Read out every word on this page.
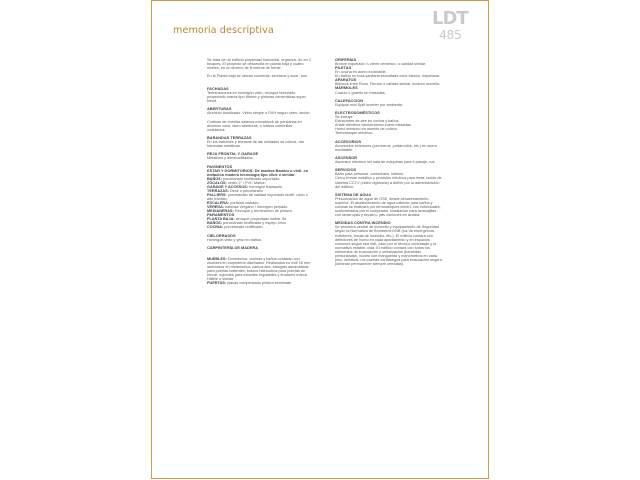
memoria descriptiva
LDT
485

Se trata de un edificio propiedad horizontal, organiza- do en 2 bloques. El proyecto se desarrolla en planta baja y cuatro niveles, en un terreno de 8 metros de frente.

En la Planta baja se ubican cocheras, servicios y acce- sos.

FACHADAS

Terminaciones en hormigón visto, revoque texturado proyectado marca tipo Weber y pinturas cementicias super blend.

ABERTURAS

Aluminio anodizado. Vidrio simple o DVH según orien- tación.

Cortinas de enrollar sistema monoblock de persianas en aluminio color, idem aberturas, o lobbos sombrillas ondulados.

BARANDAS TERRAZAS

En los balcones y terrazas de las unidades se coloca- rán barandas metálicas.

REJA FRONTAL Y GARAGE

Metálicos y almohadillados.

PAVIMENTOS
ESTAR Y DORMITORIOS: De madera Bambú o vinil- co imitación madera tecnología tipo click o similar.
BAÑOS: porcelanato rectificado importado.
ZÓCALOS: cedro 2" / PVC Marlon
GARAGE Y ACCESOS: hormigón fratasado.
TERRAZAS: Deck o porcelanato.
PALLIERS: porcelanato de calidad importado rectifi- cado o alto tránsito.
ESCALERA: porfland lustrado.
VEREDA: baldosa Vergano / hormigón peinado.
MEDIANERAS: Revoque y terminación de pintura.
PARAMENTOS
PLANTA BAJA: revoque proyectado weber 3d
BAÑOS: porcelanato rectificado y espejo 4mm
COCINA: porcelanato rectificado.
CIELORRASOS

Hormigón visto y yeso en baños.

CARPINTERÍA DE MADERA
MUEBLES: Dormitorios, cocinas y baños contarán con muebles en carpintería diseñados. Realizados en mdf 18 mm laminados en melamínico, cantos abs, bisagras automáticas para puertas batientes, brazos hidráulicos para puertas de elevar, soportes para estantes regulables y tiradores marca Häfele o similar.
PUERTAS: placas compensado pintura semimate.
GRIFERÍAS
Bronce niquelado ¼ cierre cerámico, o calidad similar.
PILETAS
En cocina en acero inoxidable.
En baños en loza sanitaria esmaltada color blanco, importada.
APARATOS
Blancos línea Roca, Ferrum o calidad similar, inodoro mochila.
MÁRMOLES

Cuarzo o granito en mesadas.

CALEFACCION

Equipos mini Split inverter por ambiente.

ELECTRODOMÉSTICOS
Se incluye:
Extractores de aire en cocina y baños.
Anafe eléctrico vitrocerámico sobre mesadas.
Horno eléctrico en mueble de cocina.

Termotanque eléctrico.

ACCESORIOS

Accesorios exteriores (percheros, portarrollos, etc.) en acero inoxidable.

ASCENSOR

Ascensor eléctrico sin sala de máquinas para 6 pasaje- ros.

SERVICIOS
Baño para personal, contadores, lobbies.
Cerco frontal metálico y provisión eléctrica para insta- lación de sistema CCTV (video vigilancia) a definir por la administración del edificio.
SISTEMA DE AGUA

Presurización de agua de OSE, desde almacenamiento superior. El abastecimiento de agua caliente para baños y cocinas se realizará por termotanques eléctri- cos individuales, suministrados por el comprador. Instalación para lavavajillas con lavarropas y secarro- pas comunes en azotea.

MEDIDAS CONTRA INCENDIO

Se proveerá central de incendio y equipamiento de Seguridad según la Normativa de Bomberos DNB (luz de emergencia, extintores, bocas de incendio, etc.). El edificio contará con detectores de humo en cada apartamento y en espacios comunes según sea indi- cado por el técnico contratado y la normativa estable- cida. El edificio contará con todos los elementos de evacuación y señalización (barandas presurizadas, núcleo con mangueras y manómetros en cada piso, señaliza- ros puertas cortafuegos para evacuación segura (deberán permanecer siempre cerradas).
